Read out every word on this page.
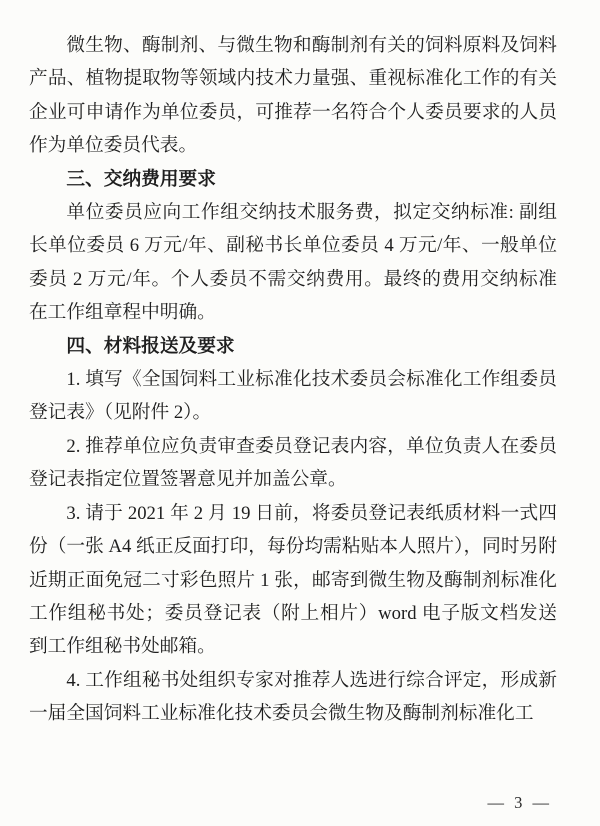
微生物、酶制剂、与微生物和酶制剂有关的饲料原料及饲料产品、植物提取物等领域内技术力量强、重视标准化工作的有关企业可申请作为单位委员，可推荐一名符合个人委员要求的人员作为单位委员代表。

三、交纳费用要求

单位委员应向工作组交纳技术服务费，拟定交纳标准: 副组长单位委员 6 万元/年、副秘书长单位委员 4 万元/年、一般单位委员 2 万元/年。个人委员不需交纳费用。最终的费用交纳标准在工作组章程中明确。

四、材料报送及要求

1. 填写《全国饲料工业标准化技术委员会标准化工作组委员登记表》（见附件 2）。

2. 推荐单位应负责审查委员登记表内容，单位负责人在委员登记表指定位置签署意见并加盖公章。

3. 请于 2021 年 2 月 19 日前，将委员登记表纸质材料一式四份（一张 A4 纸正反面打印，每份均需粘贴本人照片），同时另附近期正面免冠二寸彩色照片 1 张，邮寄到微生物及酶制剂标准化工作组秘书处；委员登记表（附上相片）word 电子版文档发送到工作组秘书处邮箱。

4. 工作组秘书处组织专家对推荐人选进行综合评定，形成新一届全国饲料工业标准化技术委员会微生物及酶制剂标准化工

— 3 —
